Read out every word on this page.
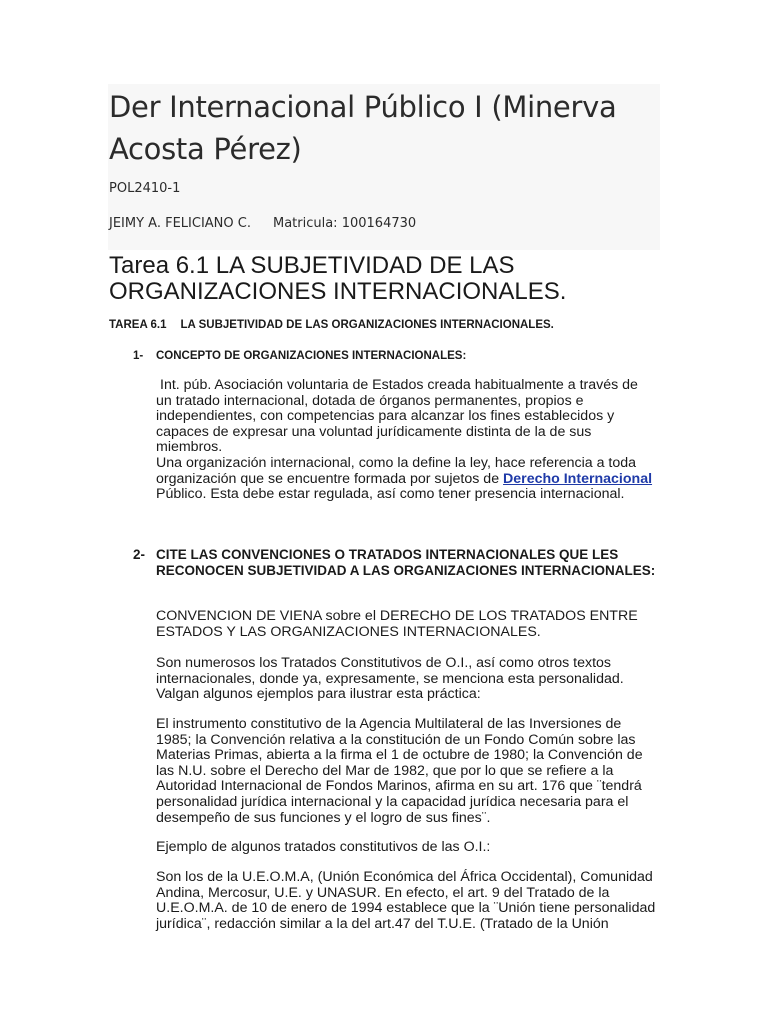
Der Internacional Público I (Minerva Acosta Pérez)
POL2410-1
JEIMY A. FELICIANO C. Matricula: 100164730
Tarea 6.1 LA SUBJETIVIDAD DE LAS ORGANIZACIONES INTERNACIONALES.
TAREA 6.1 LA SUBJETIVIDAD DE LAS ORGANIZACIONES INTERNACIONALES.
1- CONCEPTO DE ORGANIZACIONES INTERNACIONALES:

Int. púb. Asociación voluntaria de Estados creada habitualmente a través de un tratado internacional, dotada de órganos permanentes, propios e independientes, con competencias para alcanzar los fines establecidos y capaces de expresar una voluntad jurídicamente distinta de la de sus miembros.

Una organización internacional, como la define la ley, hace referencia a toda organización que se encuentre formada por sujetos de Derecho Internacional Público. Esta debe estar regulada, así como tener presencia internacional.

2- CITE LAS CONVENCIONES O TRATADOS INTERNACIONALES QUE LES RECONOCEN SUBJETIVIDAD A LAS ORGANIZACIONES INTERNACIONALES:

CONVENCION DE VIENA sobre el DERECHO DE LOS TRATADOS ENTRE ESTADOS Y LAS ORGANIZACIONES INTERNACIONALES.

Son numerosos los Tratados Constitutivos de O.I., así como otros textos internacionales, donde ya, expresamente, se menciona esta personalidad. Valgan algunos ejemplos para ilustrar esta práctica:

El instrumento constitutivo de la Agencia Multilateral de las Inversiones de 1985; la Convención relativa a la constitución de un Fondo Común sobre las Materias Primas, abierta a la firma el 1 de octubre de 1980; la Convención de las N.U. sobre el Derecho del Mar de 1982, que por lo que se refiere a la Autoridad Internacional de Fondos Marinos, afirma en su art. 176 que ¨tendrá personalidad jurídica internacional y la capacidad jurídica necesaria para el desempeño de sus funciones y el logro de sus fines¨.

Ejemplo de algunos tratados constitutivos de las O.I.:

Son los de la U.E.O.M.A, (Unión Económica del África Occidental), Comunidad Andina, Mercosur, U.E. y UNASUR. En efecto, el art. 9 del Tratado de la U.E.O.M.A. de 10 de enero de 1994 establece que la ¨Unión tiene personalidad jurídica¨, redacción similar a la del art.47 del T.U.E. (Tratado de la Unión
